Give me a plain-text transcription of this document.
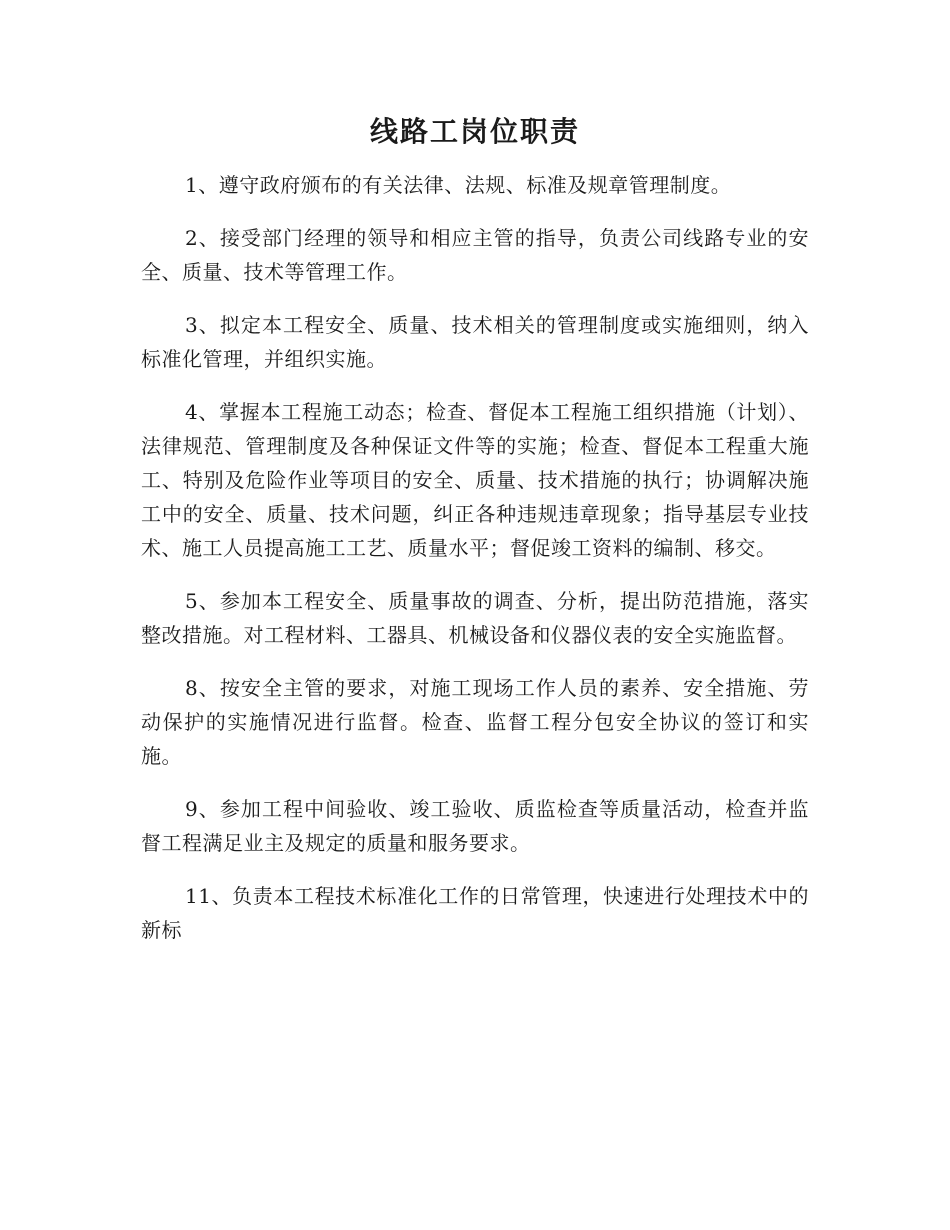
线路工岗位职责

1、遵守政府颁布的有关法律、法规、标准及规章管理制度。

2、接受部门经理的领导和相应主管的指导，负责公司线路专业的安全、质量、技术等管理工作。

3、拟定本工程安全、质量、技术相关的管理制度或实施细则，纳入标准化管理，并组织实施。

4、掌握本工程施工动态；检查、督促本工程施工组织措施（计划）、法律规范、管理制度及各种保证文件等的实施；检查、督促本工程重大施工、特别及危险作业等项目的安全、质量、技术措施的执行；协调解决施工中的安全、质量、技术问题，纠正各种违规违章现象；指导基层专业技术、施工人员提高施工工艺、质量水平；督促竣工资料的编制、移交。

5、参加本工程安全、质量事故的调查、分析，提出防范措施，落实整改措施。对工程材料、工器具、机械设备和仪器仪表的安全实施监督。

8、按安全主管的要求，对施工现场工作人员的素养、安全措施、劳动保护的实施情况进行监督。检查、监督工程分包安全协议的签订和实施。

9、参加工程中间验收、竣工验收、质监检查等质量活动，检查并监督工程满足业主及规定的质量和服务要求。

11、负责本工程技术标准化工作的日常管理，快速进行处理技术中的新标
